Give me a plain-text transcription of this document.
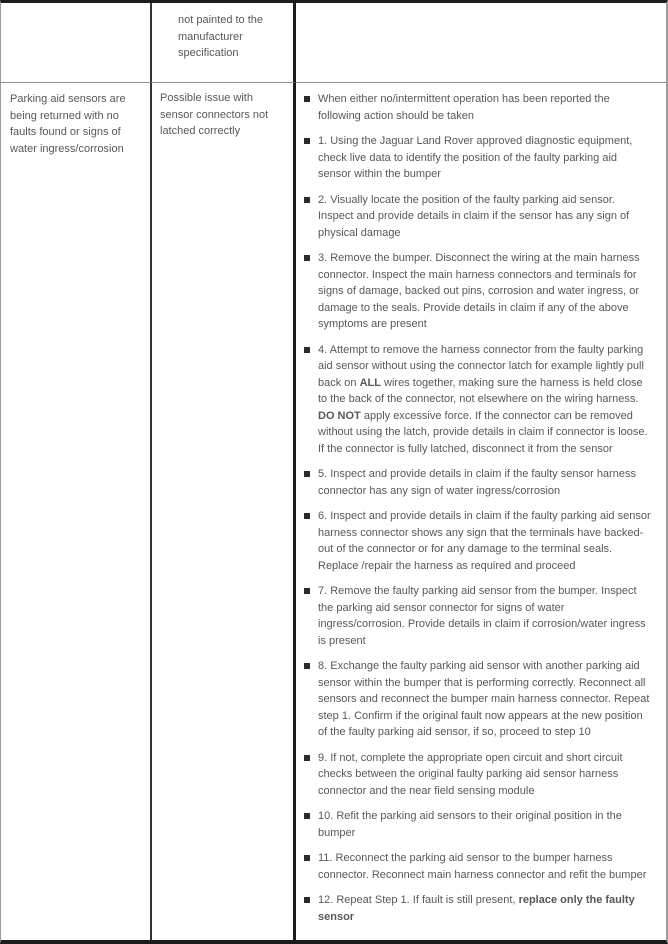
not painted to the manufacturer specification
Parking aid sensors are being returned with no faults found or signs of water ingress/corrosion
Possible issue with sensor connectors not latched correctly
When either no/intermittent operation has been reported the following action should be taken
1. Using the Jaguar Land Rover approved diagnostic equipment, check live data to identify the position of the faulty parking aid sensor within the bumper
2. Visually locate the position of the faulty parking aid sensor. Inspect and provide details in claim if the sensor has any sign of physical damage
3. Remove the bumper. Disconnect the wiring at the main harness connector. Inspect the main harness connectors and terminals for signs of damage, backed out pins, corrosion and water ingress, or damage to the seals. Provide details in claim if any of the above symptoms are present
4. Attempt to remove the harness connector from the faulty parking aid sensor without using the connector latch for example lightly pull back on ALL wires together, making sure the harness is held close to the back of the connector, not elsewhere on the wiring harness. DO NOT apply excessive force. If the connector can be removed without using the latch, provide details in claim if connector is loose. If the connector is fully latched, disconnect it from the sensor
5. Inspect and provide details in claim if the faulty sensor harness connector has any sign of water ingress/corrosion
6. Inspect and provide details in claim if the faulty parking aid sensor harness connector shows any sign that the terminals have backed-out of the connector or for any damage to the terminal seals. Replace /repair the harness as required and proceed
7. Remove the faulty parking aid sensor from the bumper. Inspect the parking aid sensor connector for signs of water ingress/corrosion. Provide details in claim if corrosion/water ingress is present
8. Exchange the faulty parking aid sensor with another parking aid sensor within the bumper that is performing correctly. Reconnect all sensors and reconnect the bumper main harness connector. Repeat step 1. Confirm if the original fault now appears at the new position of the faulty parking aid sensor, if so, proceed to step 10
9. If not, complete the appropriate open circuit and short circuit checks between the original faulty parking aid sensor harness connector and the near field sensing module
10. Refit the parking aid sensors to their original position in the bumper
11. Reconnect the parking aid sensor to the bumper harness connector. Reconnect main harness connector and refit the bumper
12. Repeat Step 1. If fault is still present, replace only the faulty sensor
